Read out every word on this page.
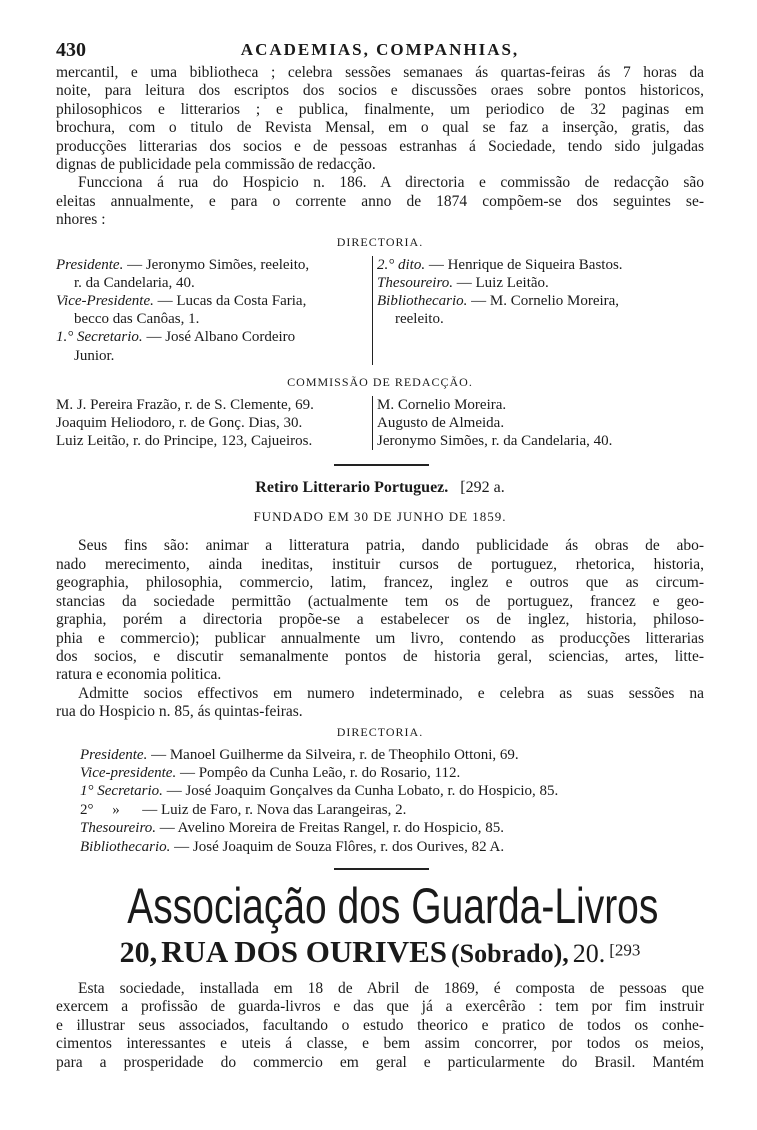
430	ACADEMIAS, COMPANHIAS,
mercantil, e uma bibliotheca ; celebra sessões semanaes ás quartas-feiras ás 7 horas da
noite, para leitura dos escriptos dos socios e discussões oraes sobre pontos historicos,
philosophicos e litterarios ; e publica, finalmente, um periodico de 32 paginas em
brochura, com o titulo de Revista Mensal, em o qual se faz a inserção, gratis, das
producções litterarias dos socios e de pessoas estranhas á Sociedade, tendo sido julgadas
dignas de publicidade pela commissão de redacção.
Funcciona á rua do Hospicio n. 186. A directoria e commissão de redacção são
eleitas annualmente, e para o corrente anno de 1874 compõem-se dos seguintes se-
nhores :
DIRECTORIA.
Presidente. — Jeronymo Simões, reeleito,
r. da Candelaria, 40.
Vice-Presidente. — Lucas da Costa Faria,
becco das Canôas, 1.
1.° Secretario. — José Albano Cordeiro
Junior.
2.° dito. — Henrique de Siqueira Bastos.
Thesoureiro. — Luiz Leitão.
Bibliothecario. — M. Cornelio Moreira,
reeleito.
COMMISSÃO DE REDACÇÃO.
M. J. Pereira Frazão, r. de S. Clemente, 69.
Joaquim Heliodoro, r. de Gonç. Dias, 30.
Luiz Leitão, r. do Principe, 123, Cajueiros.
M. Cornelio Moreira.
Augusto de Almeida.
Jeronymo Simões, r. da Candelaria, 40.
Retiro Litterario Portuguez. [292 a.
FUNDADO EM 30 DE JUNHO DE 1859.
Seus fins são: animar a litteratura patria, dando publicidade ás obras de abo-
nado merecimento, ainda ineditas, instituir cursos de portuguez, rhetorica, historia,
geographia, philosophia, commercio, latim, francez, inglez e outros que as circum-
stancias da sociedade permittão (actualmente tem os de portuguez, francez e geo-
graphia, porém a directoria propõe-se a estabelecer os de inglez, historia, philoso-
phia e commercio); publicar annualmente um livro, contendo as producções litterarias
dos socios, e discutir semanalmente pontos de historia geral, sciencias, artes, litte-
ratura e economia politica.
Admitte socios effectivos em numero indeterminado, e celebra as suas sessões na
rua do Hospicio n. 85, ás quintas-feiras.
DIRECTORIA.
Presidente. — Manoel Guilherme da Silveira, r. de Theophilo Ottoni, 69.
Vice-presidente. — Pompêo da Cunha Leão, r. do Rosario, 112.
1° Secretario. — José Joaquim Gonçalves da Cunha Lobato, r. do Hospicio, 85.
2°     »      — Luiz de Faro, r. Nova das Larangeiras, 2.
Thesoureiro. — Avelino Moreira de Freitas Rangel, r. do Hospicio, 85.
Bibliothecario. — José Joaquim de Souza Flôres, r. dos Ourives, 82 A.
Associação dos Guarda-Livros
20, RUA DOS OURIVES (Sobrado), 20. [293
Esta sociedade, installada em 18 de Abril de 1869, é composta de pessoas que
exercem a profissão de guarda-livros e das que já a exercêrão : tem por fim instruir
e illustrar seus associados, facultando o estudo theorico e pratico de todos os conhe-
cimentos interessantes e uteis á classe, e bem assim concorrer, por todos os meios,
para a prosperidade do commercio em geral e particularmente do Brasil. Mantém
